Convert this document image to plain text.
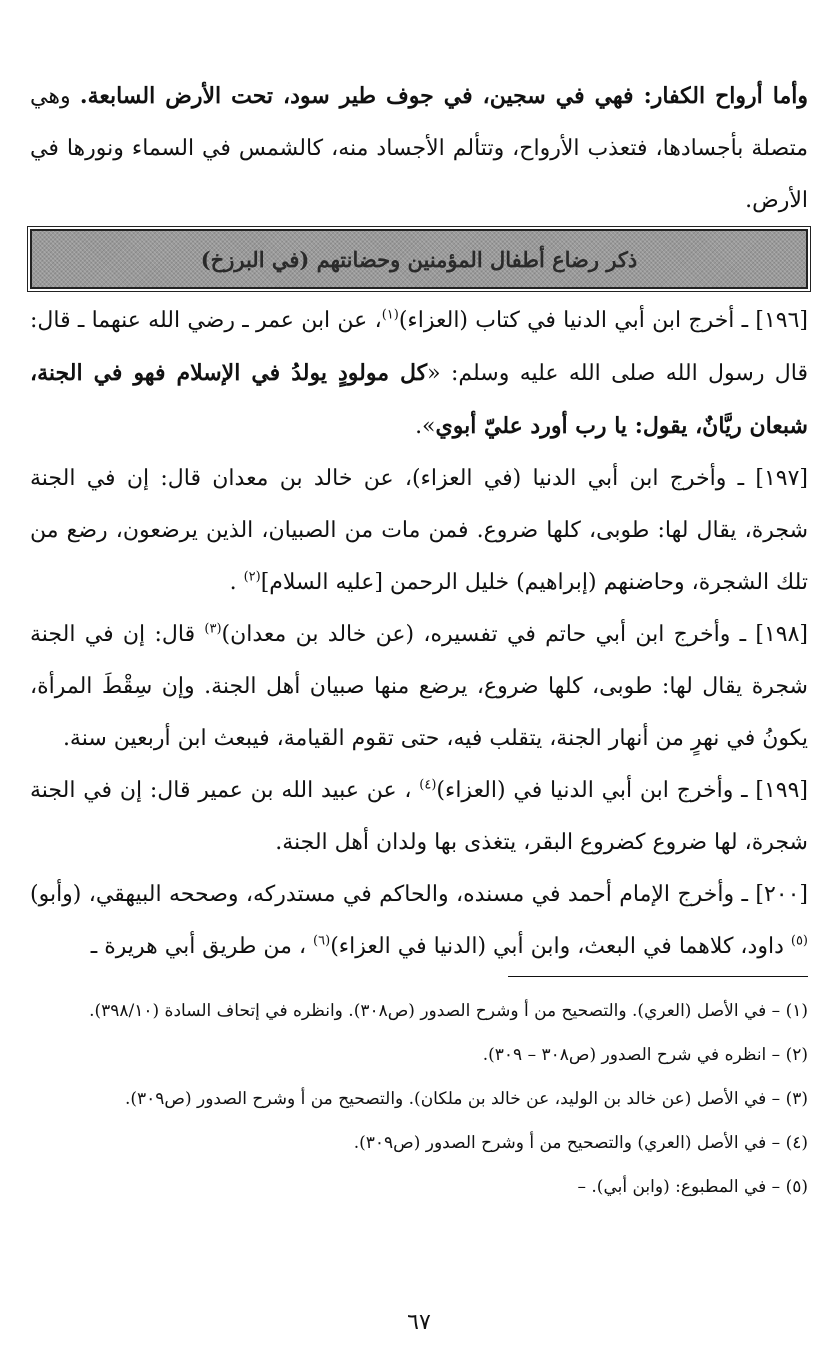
وأما أرواح الكفار: فهي في سجين، في جوف طير سود، تحت الأرض السابعة. وهي متصلة بأجسادها، فتعذب الأرواح، وتتألم الأجساد منه، كالشمس في السماء ونورها في الأرض.

ذكر رضاع أطفال المؤمنين وحضانتهم (في البرزخ)

[١٩٦] ـ أخرج ابن أبي الدنيا في كتاب (العزاء)$^{(١)}$، عن ابن عمر ـ رضي الله عنهما ـ قال: قال رسول الله صلى الله عليه وسلم: «كل مولودٍ يولدُ في الإسلام فهو في الجنة، شبعان ريَّانٌ، يقول: يا رب أورد عليّ أبوي».

[١٩٧] ـ وأخرج ابن أبي الدنيا (في العزاء)، عن خالد بن معدان قال: إن في الجنة شجرة، يقال لها: طوبى، كلها ضروع. فمن مات من الصبيان، الذين يرضعون، رضع من تلك الشجرة، وحاضنهم (إبراهيم) خليل الرحمن [عليه السلام]$^{(٢)}$ .

[١٩٨] ـ وأخرج ابن أبي حاتم في تفسيره، (عن خالد بن معدان)$^{(٣)}$ قال: إن في الجنة شجرة يقال لها: طوبى، كلها ضروع، يرضع منها صبيان أهل الجنة. وإن سِقْطَ المرأة، يكونُ في نهرٍ من أنهار الجنة، يتقلب فيه، حتى تقوم القيامة، فيبعث ابن أربعين سنة.

[١٩٩] ـ وأخرج ابن أبي الدنيا في (العزاء)$^{(٤)}$ ، عن عبيد الله بن عمير قال: إن في الجنة شجرة، لها ضروع كضروع البقر، يتغذى بها ولدان أهل الجنة.

[٢٠٠] ـ وأخرج الإمام أحمد في مسنده، والحاكم في مستدركه، وصححه البيهقي، (وأبو)$^{(٥)}$ داود، كلاهما في البعث، وابن أبي (الدنيا في العزاء)$^{(٦)}$ ، من طريق أبي هريرة ـ

(١) – في الأصل (العري). والتصحيح من أ وشرح الصدور (ص٣٠٨). وانظره في إتحاف السادة (٣٩٨/١٠).

(٢) – انظره في شرح الصدور (ص٣٠٨ – ٣٠٩).

(٣) – في الأصل (عن خالد بن الوليد، عن خالد بن ملكان). والتصحيح من أ وشرح الصدور (ص٣٠٩).

(٤) – في الأصل (العري) والتصحيح من أ وشرح الصدور (ص٣٠٩).

(٥) – في المطبوع: (وابن أبي). –

٦٧
